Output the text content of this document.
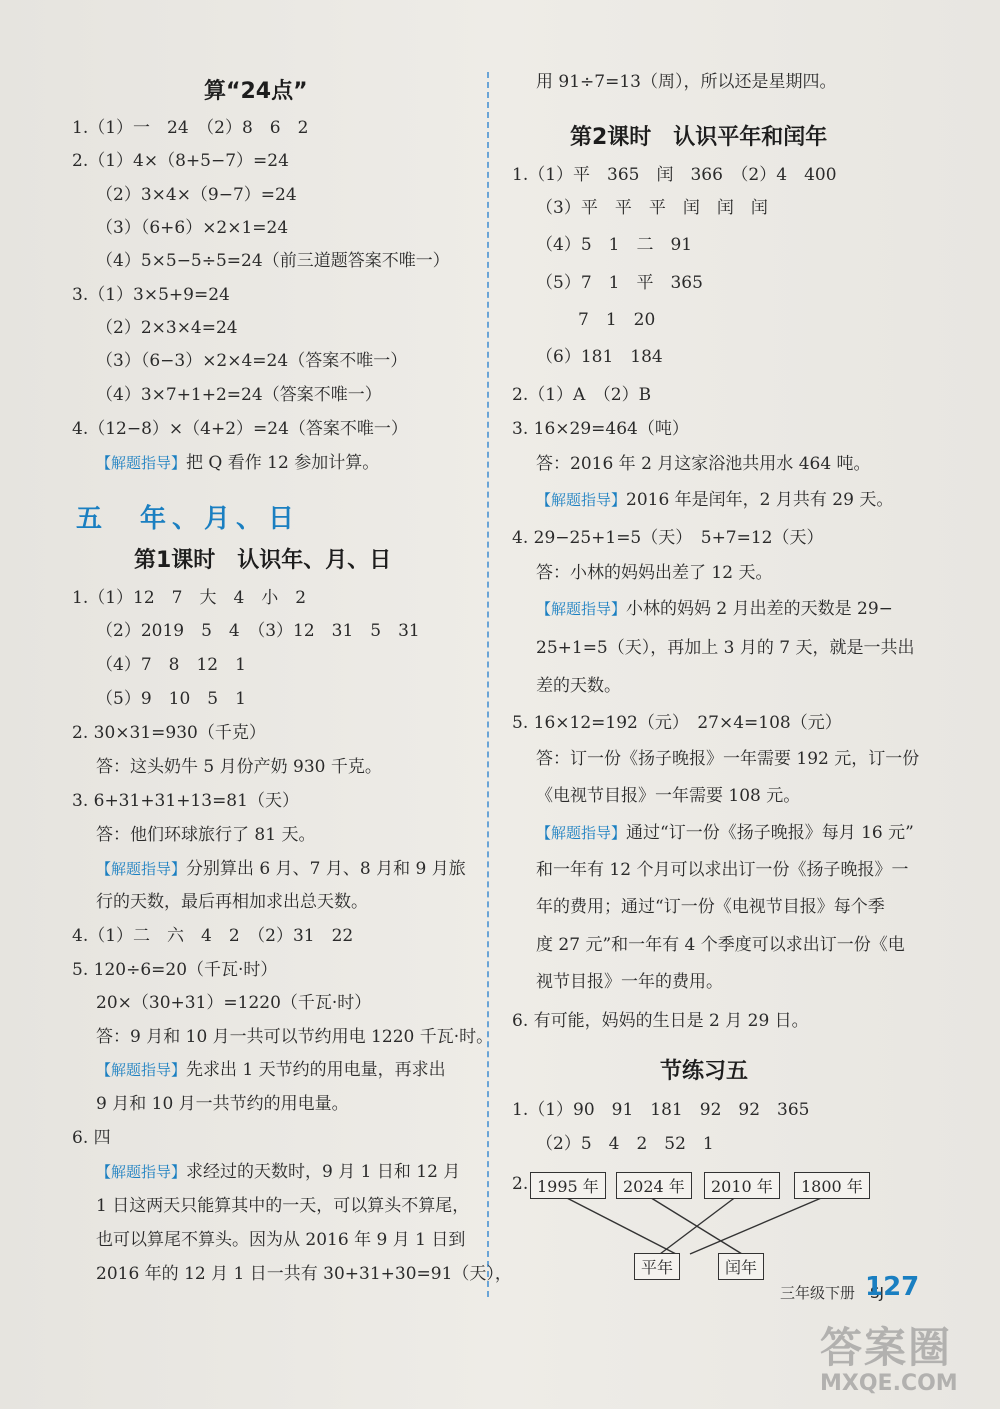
算“24点”
1.（1）一　24　（2）8　6　2
2.（1）4×（8+5−7）=24
（2）3×4×（9−7）=24
（3）（6+6）×2×1=24
（4）5×5−5÷5=24（前三道题答案不唯一）
3.（1）3×5+9=24
（2）2×3×4=24
（3）（6−3）×2×4=24（答案不唯一）
（4）3×7+1+2=24（答案不唯一）
4.（12−8）×（4+2）=24（答案不唯一）
【解题指导】把 Q 看作 12 参加计算。
五　年、月、日
第1课时　认识年、月、日
1.（1）12　7　大　4　小　2
（2）2019　5　4　（3）12　31　5　31
（4）7　8　12　1
（5）9　10　5　1
2. 30×31=930（千克）
答：这头奶牛 5 月份产奶 930 千克。
3. 6+31+31+13=81（天）
答：他们环球旅行了 81 天。
【解题指导】分别算出 6 月、7 月、8 月和 9 月旅
行的天数，最后再相加求出总天数。
4.（1）二　六　4　2　（2）31　22
5. 120÷6=20（千瓦·时）
20×（30+31）=1220（千瓦·时）
答：9 月和 10 月一共可以节约用电 1220 千瓦·时。
【解题指导】先求出 1 天节约的用电量，再求出
9 月和 10 月一共节约的用电量。
6. 四
【解题指导】求经过的天数时，9 月 1 日和 12 月
1 日这两天只能算其中的一天，可以算头不算尾，
也可以算尾不算头。因为从 2016 年 9 月 1 日到
2016 年的 12 月 1 日一共有 30+31+30=91（天），
用 91÷7=13（周），所以还是星期四。
第2课时　认识平年和闰年
1.（1）平　365　闰　366　（2）4　400
（3）平　平　平　闰　闰　闰
（4）5　1　二　91
（5）7　1　平　365
7　1　20
（6）181　184
2.（1）A　（2）B
3. 16×29=464（吨）
答：2016 年 2 月这家浴池共用水 464 吨。
【解题指导】2016 年是闰年，2 月共有 29 天。
4. 29−25+1=5（天）　5+7=12（天）
答：小林的妈妈出差了 12 天。
【解题指导】小林的妈妈 2 月出差的天数是 29−
25+1=5（天），再加上 3 月的 7 天，就是一共出
差的天数。
5. 16×12=192（元）　27×4=108（元）
答：订一份《扬子晚报》一年需要 192 元，订一份
《电视节目报》一年需要 108 元。
【解题指导】通过“订一份《扬子晚报》每月 16 元”
和一年有 12 个月可以求出订一份《扬子晚报》一
年的费用；通过“订一份《电视节目报》每个季
度 27 元”和一年有 4 个季度可以求出订一份《电
视节目报》一年的费用。
6. 有可能，妈妈的生日是 2 月 29 日。
节练习五
1.（1）90　91　181　92　92　365
（2）5　4　2　52　1
2. 1995 年	2024 年	2010 年	1800 年
平年	闰年
三年级下册　SJ
127
答案圈
MXQE.COM
